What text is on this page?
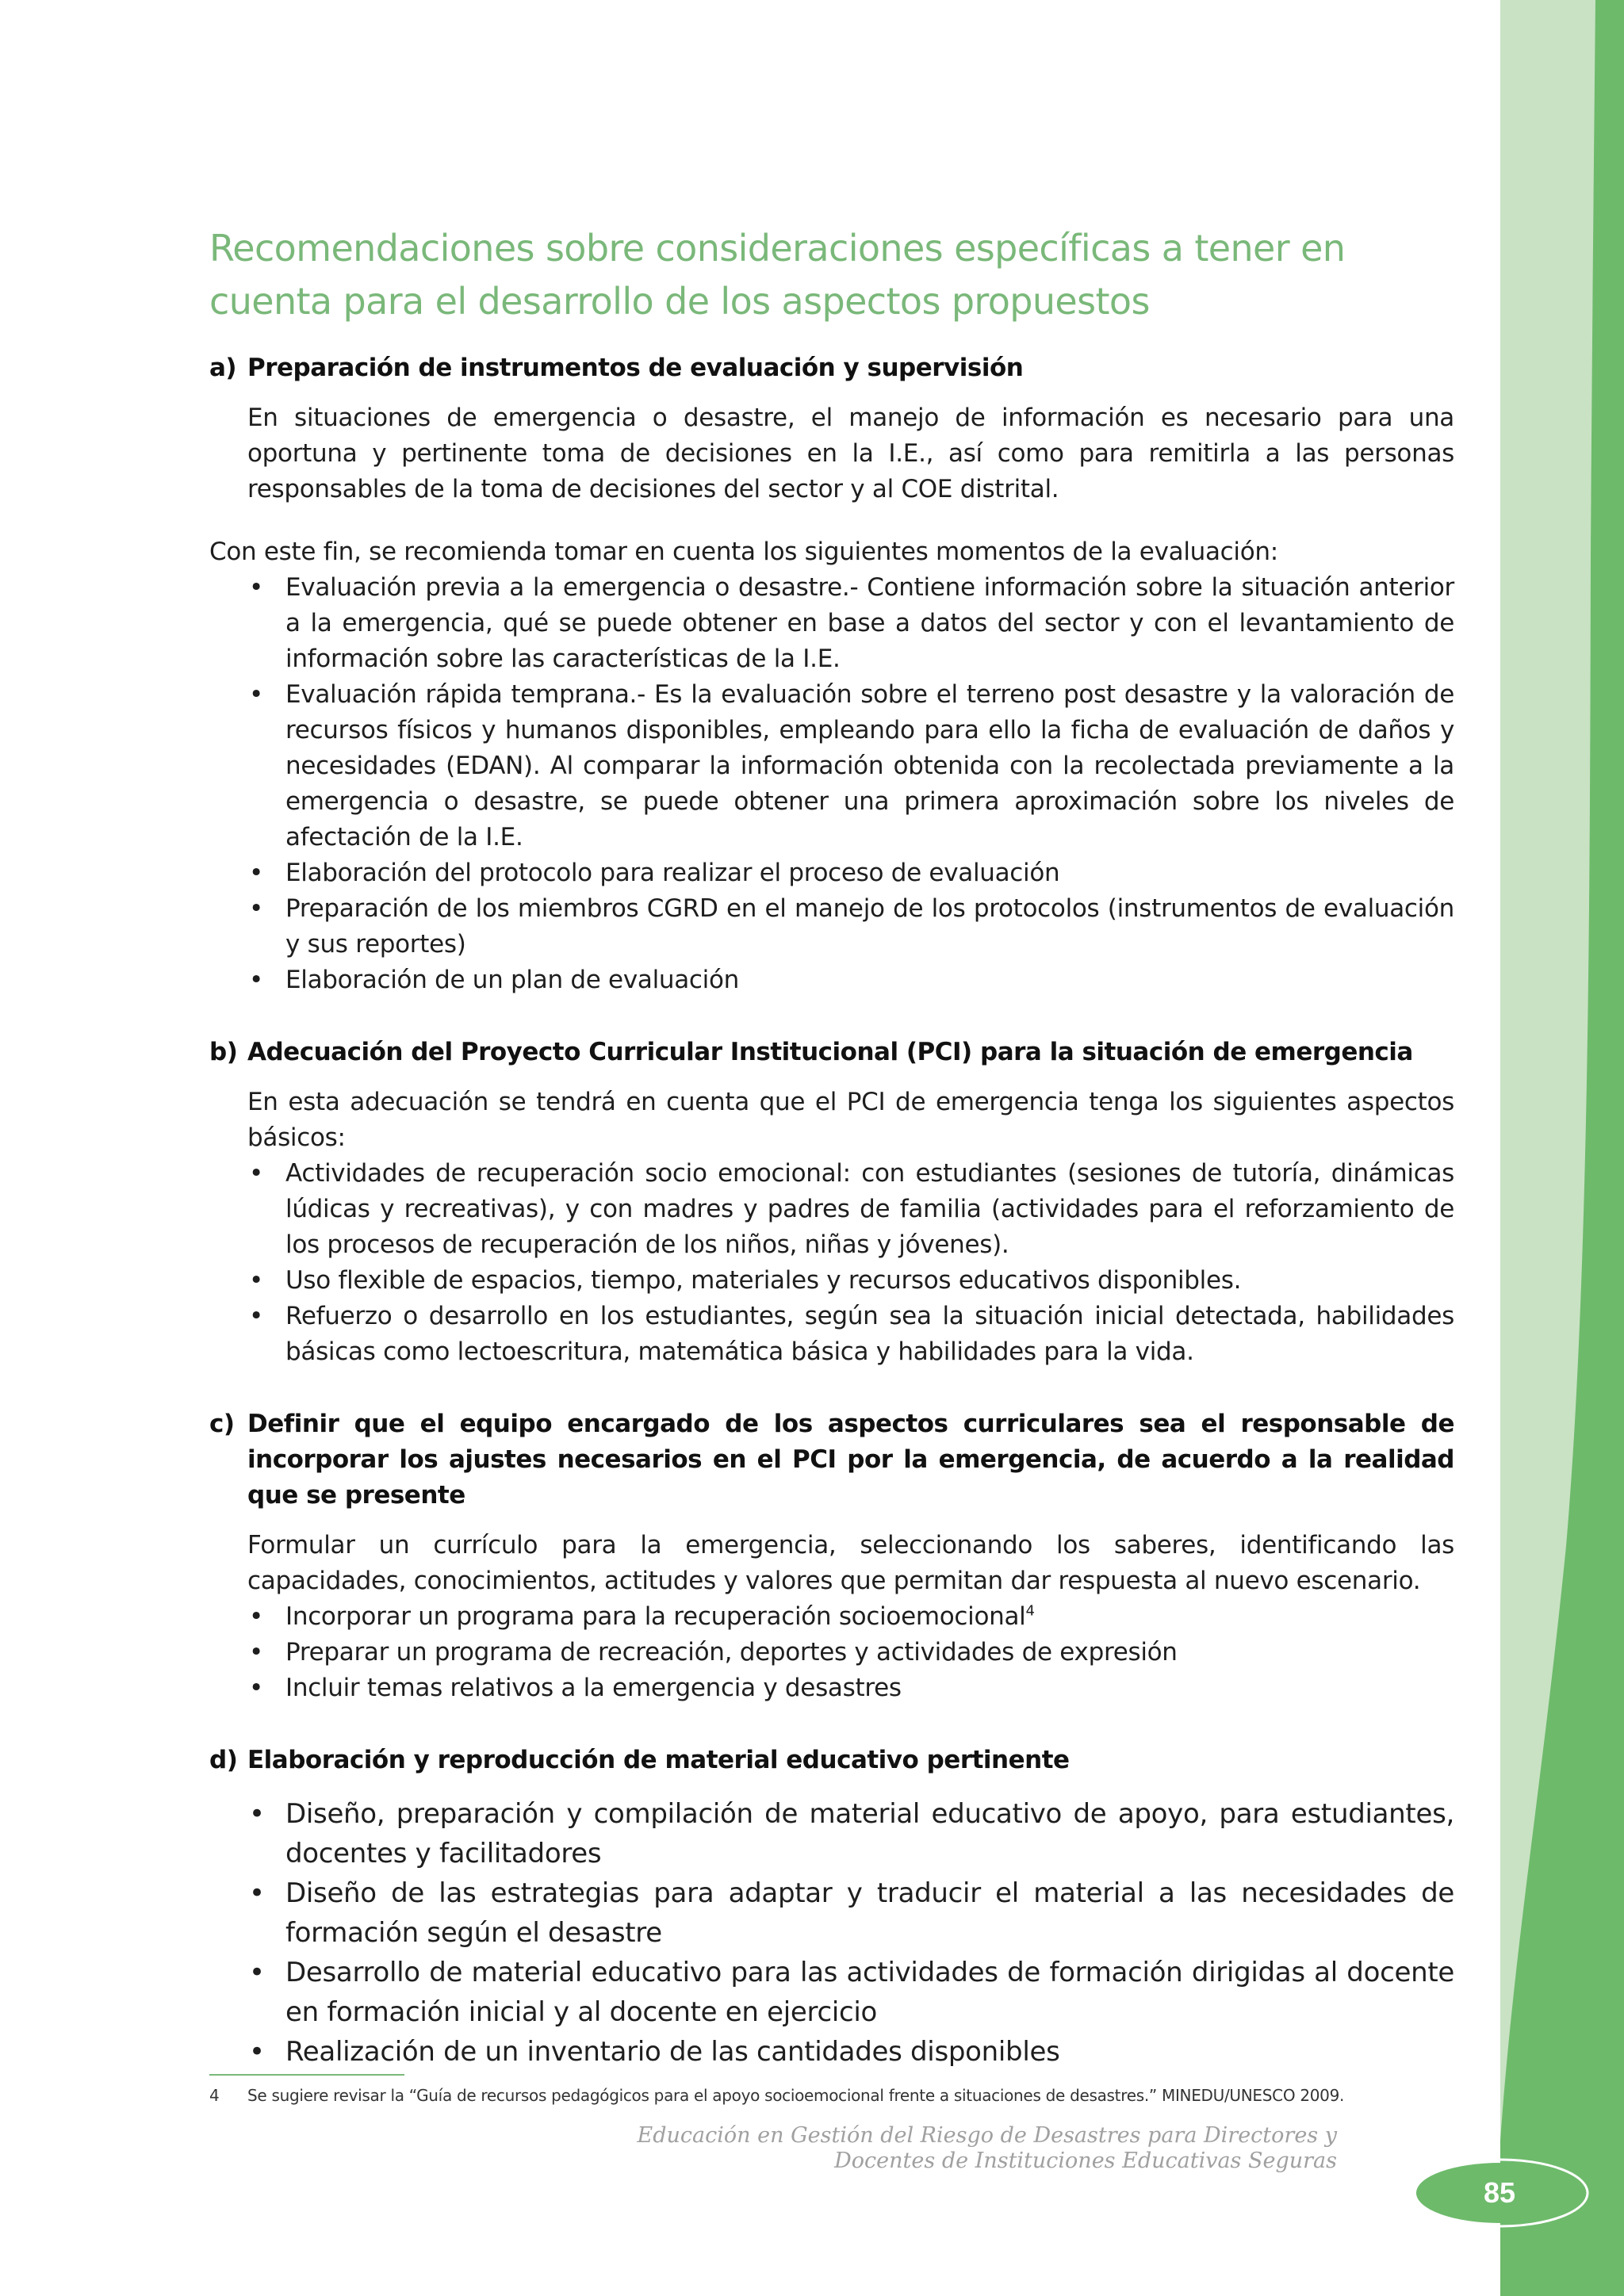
Recomendaciones sobre consideraciones específicas a tener en cuenta para el desarrollo de los aspectos propuestos
a) Preparación de instrumentos de evaluación y supervisión

En situaciones de emergencia o desastre, el manejo de información es necesario para una oportuna y pertinente toma de decisiones en la I.E., así como para remitirla a las personas responsables de la toma de decisiones del sector y al COE distrital.

Con este fin, se recomienda tomar en cuenta los siguientes momentos de la evaluación:

• Evaluación previa a la emergencia o desastre.- Contiene información sobre la situación anterior a la emergencia, qué se puede obtener en base a datos del sector y con el levantamiento de información sobre las características de la I.E.
• Evaluación rápida temprana.- Es la evaluación sobre el terreno post desastre y la valoración de recursos físicos y humanos disponibles, empleando para ello la ficha de evaluación de daños y necesidades (EDAN). Al comparar la información obtenida con la recolectada previamente a la emergencia o desastre, se puede obtener una primera aproximación sobre los niveles de afectación de la I.E.
• Elaboración del protocolo para realizar el proceso de evaluación
• Preparación de los miembros CGRD en el manejo de los protocolos (instrumentos de evaluación y sus reportes)
• Elaboración de un plan de evaluación
b) Adecuación del Proyecto Curricular Institucional (PCI) para la situación de emergencia

En esta adecuación se tendrá en cuenta que el PCI de emergencia tenga los siguientes aspectos básicos:

• Actividades de recuperación socio emocional: con estudiantes (sesiones de tutoría, dinámicas lúdicas y recreativas), y con madres y padres de familia (actividades para el reforzamiento de los procesos de recuperación de los niños, niñas y jóvenes).
• Uso flexible de espacios, tiempo, materiales y recursos educativos disponibles.
• Refuerzo o desarrollo en los estudiantes, según sea la situación inicial detectada, habilidades básicas como lectoescritura, matemática básica y habilidades para la vida.
c) Definir que el equipo encargado de los aspectos curriculares sea el responsable de incorporar los ajustes necesarios en el PCI por la emergencia, de acuerdo a la realidad que se presente

Formular un currículo para la emergencia, seleccionando los saberes, identificando las capacidades, conocimientos, actitudes y valores que permitan dar respuesta al nuevo escenario.

• Incorporar un programa para la recuperación socioemocional$^4$
• Preparar un programa de recreación, deportes y actividades de expresión
• Incluir temas relativos a la emergencia y desastres
d) Elaboración y reproducción de material educativo pertinente
• Diseño, preparación y compilación de material educativo de apoyo, para estudiantes, docentes y facilitadores
• Diseño de las estrategias para adaptar y traducir el material a las necesidades de formación según el desastre
• Desarrollo de material educativo para las actividades de formación dirigidas al docente en formación inicial y al docente en ejercicio
• Realización de un inventario de las cantidades disponibles
4	Se sugiere revisar la “Guía de recursos pedagógicos para el apoyo socioemocional frente a situaciones de desastres.” MINEDU/UNESCO 2009.
Educación en Gestión del Riesgo de Desastres para Directores y
Docentes de Instituciones Educativas Seguras
85
